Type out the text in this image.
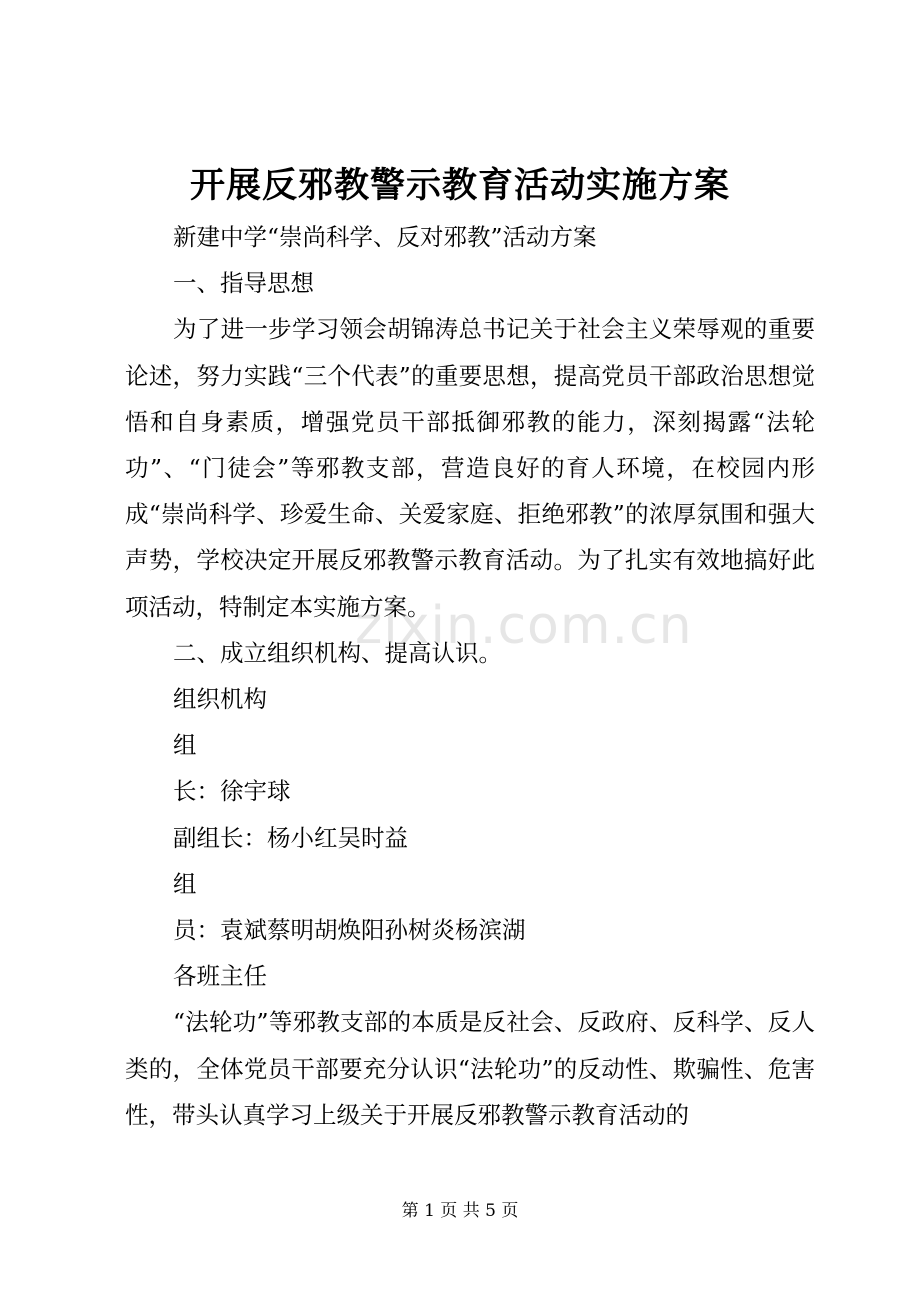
开展反邪教警示教育活动实施方案

新建中学“崇尚科学、反对邪教”活动方案

一、指导思想

为了进一步学习领会胡锦涛总书记关于社会主义荣辱观的重要论述，努力实践“三个代表”的重要思想，提高党员干部政治思想觉悟和自身素质，增强党员干部抵御邪教的能力，深刻揭露“法轮功”、“门徒会”等邪教支部，营造良好的育人环境，在校园内形成“崇尚科学、珍爱生命、关爱家庭、拒绝邪教”的浓厚氛围和强大声势，学校决定开展反邪教警示教育活动。为了扎实有效地搞好此项活动，特制定本实施方案。

二、成立组织机构、提高认识。

组织机构

组

长：徐宇球

副组长：杨小红吴时益

组

员：袁斌蔡明胡焕阳孙树炎杨滨湖

各班主任

“法轮功”等邪教支部的本质是反社会、反政府、反科学、反人类的，全体党员干部要充分认识“法轮功”的反动性、欺骗性、危害性，带头认真学习上级关于开展反邪教警示教育活动的

zixin.com.cn
第 1 页 共 5 页
